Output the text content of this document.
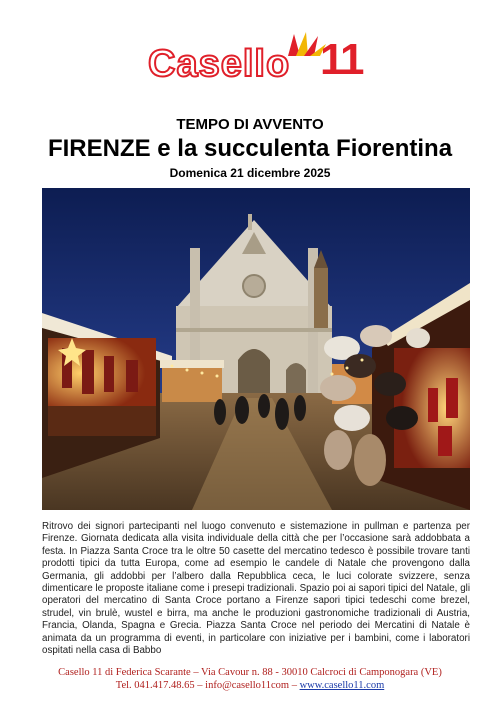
Casello 11
TEMPO DI AVVENTO
FIRENZE e la succulenta Fiorentina
Domenica 21 dicembre 2025

Ritrovo dei signori partecipanti nel luogo convenuto e sistemazione in pullman e partenza per Firenze. Giornata dedicata alla visita individuale della città che per l’occasione sarà addobbata a festa. In Piazza Santa Croce tra le oltre 50 casette del mercatino tedesco è possibile trovare tanti prodotti tipici da tutta Europa, come ad esempio le candele di Natale che provengono dalla Germania, gli addobbi per l’albero dalla Repubblica ceca, le luci colorate svizzere, senza dimenticare le proposte italiane come i presepi tradizionali. Spazio poi ai sapori tipici del Natale, gli operatori del mercatino di Santa Croce portano a Firenze sapori tipici tedeschi come brezel, strudel, vin brulè, wustel e birra, ma anche le produzioni gastronomiche tradizionali di Austria, Francia, Olanda, Spagna e Grecia. Piazza Santa Croce nel periodo dei Mercatini di Natale è animata da un programma di eventi, in particolare con iniziative per i bambini, come i laboratori ospitati nella casa di Babbo

Casello 11 di Federica Scarante – Via Cavour n. 88 - 30010 Calcroci di Camponogara (VE)
Tel. 041.417.48.65 – info@casello11com – www.casello11.com
